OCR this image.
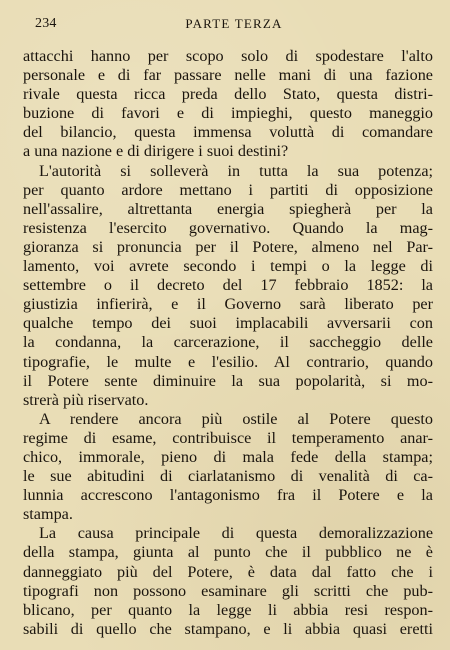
234	PARTE TERZA
attacchi hanno per scopo solo di spodestare l'alto
personale e di far passare nelle mani di una fazione
rivale questa ricca preda dello Stato, questa distri-
buzione di favori e di impieghi, questo maneggio
del bilancio, questa immensa voluttà di comandare
a una nazione e di dirigere i suoi destini?
L'autorità si solleverà in tutta la sua potenza;
per quanto ardore mettano i partiti di opposizione
nell'assalire, altrettanta energia spiegherà per la
resistenza l'esercito governativo. Quando la mag-
gioranza si pronuncia per il Potere, almeno nel Par-
lamento, voi avrete secondo i tempi o la legge di
settembre o il decreto del 17 febbraio 1852: la
giustizia infierirà, e il Governo sarà liberato per
qualche tempo dei suoi implacabili avversarii con
la condanna, la carcerazione, il saccheggio delle
tipografie, le multe e l'esilio. Al contrario, quando
il Potere sente diminuire la sua popolarità, si mo-
strerà più riservato.
A rendere ancora più ostile al Potere questo
regime di esame, contribuisce il temperamento anar-
chico, immorale, pieno di mala fede della stampa;
le sue abitudini di ciarlatanismo di venalità di ca-
lunnia accrescono l'antagonismo fra il Potere e la
stampa.
La causa principale di questa demoralizzazione
della stampa, giunta al punto che il pubblico ne è
danneggiato più del Potere, è data dal fatto che i
tipografi non possono esaminare gli scritti che pub-
blicano, per quanto la legge li abbia resi respon-
sabili di quello che stampano, e li abbia quasi eretti
